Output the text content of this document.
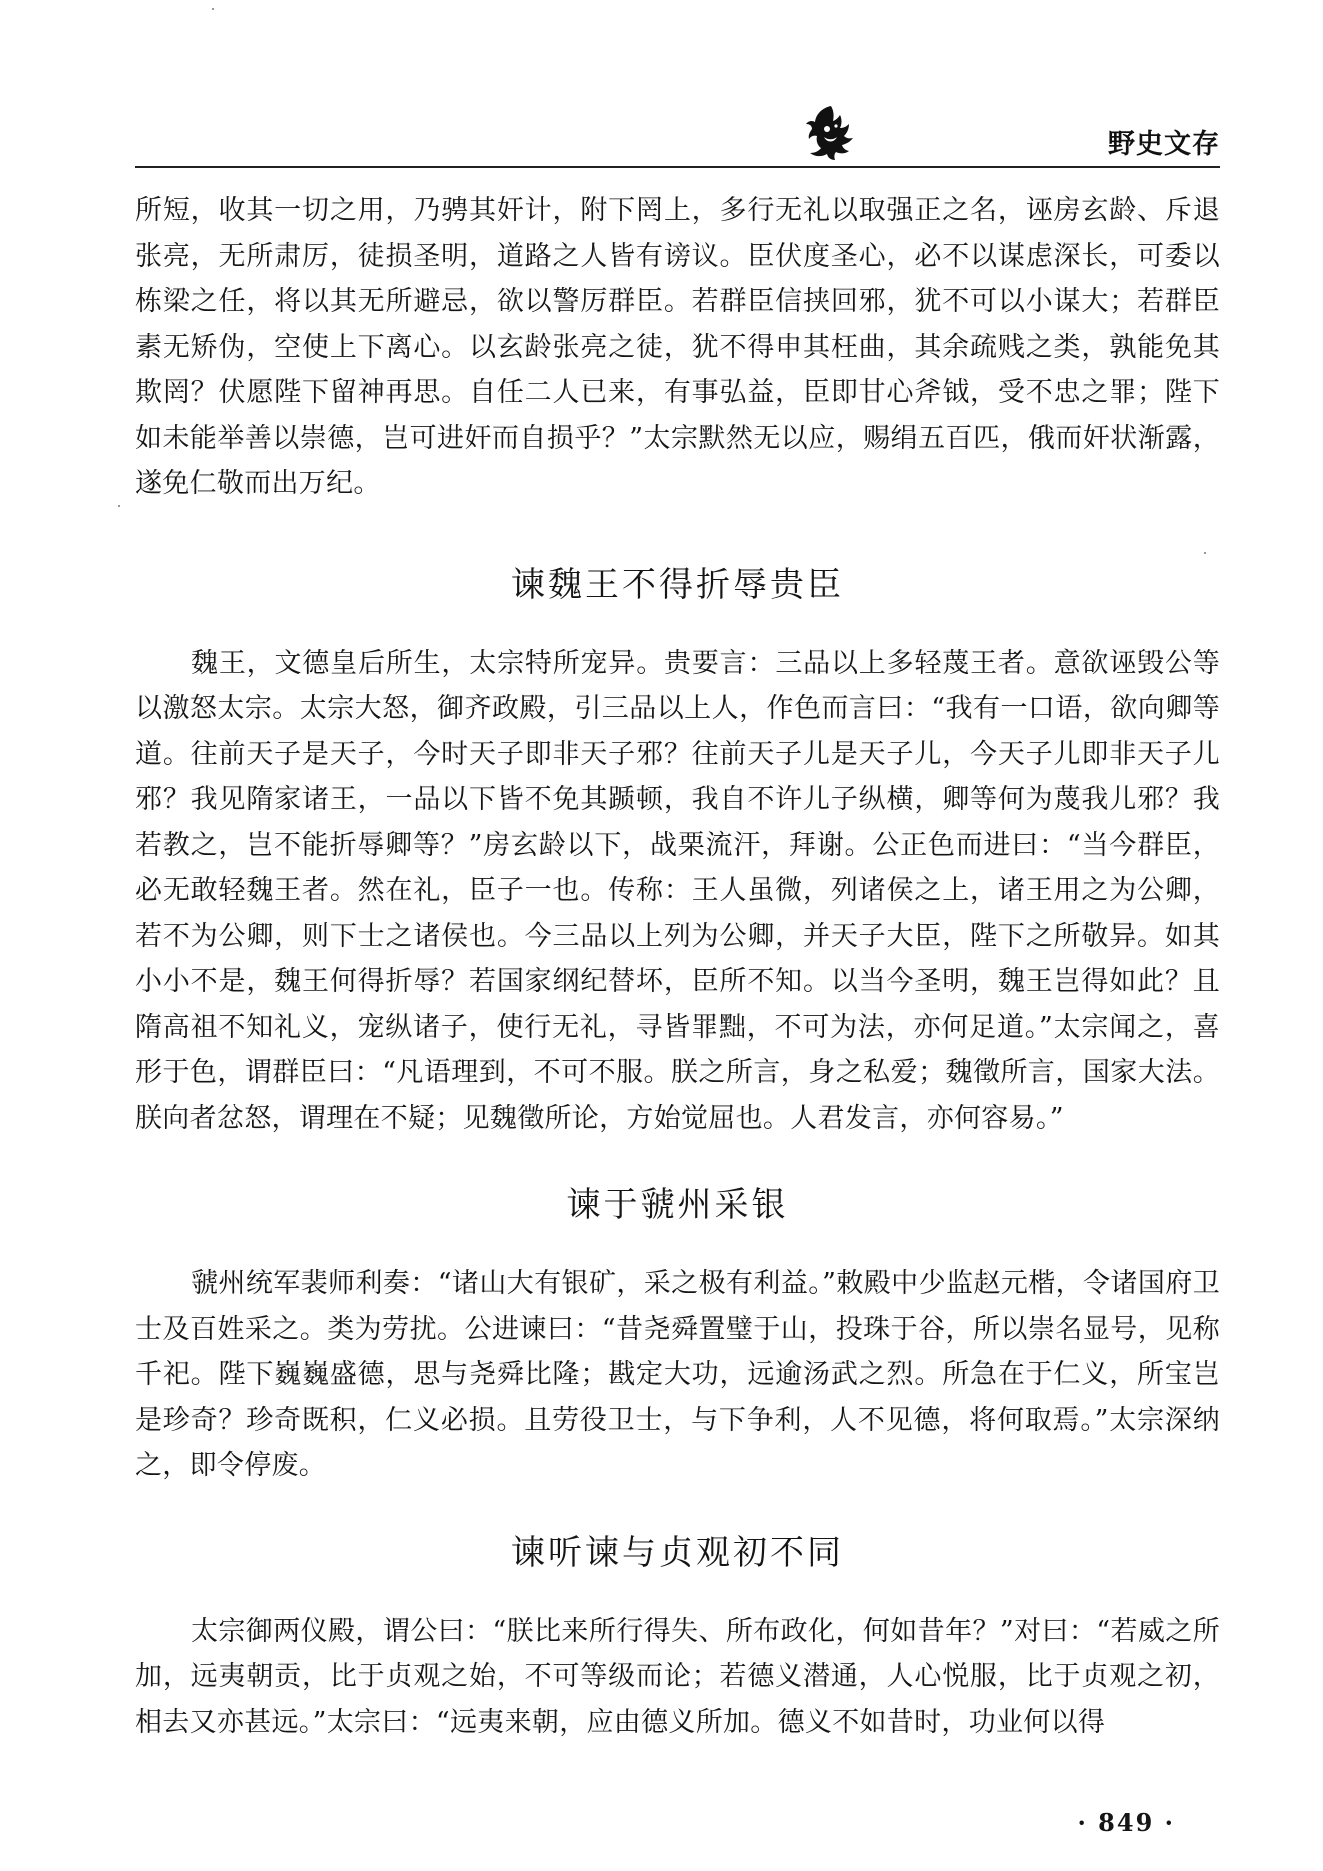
野史文存

所短，收其一切之用，乃骋其奸计，附下罔上，多行无礼以取强正之名，诬房玄龄、斥退张亮，无所肃厉，徒损圣明，道路之人皆有谤议。臣伏度圣心，必不以谋虑深长，可委以栋梁之任，将以其无所避忌，欲以警厉群臣。若群臣信挟回邪，犹不可以小谋大；若群臣素无矫伪，空使上下离心。以玄龄张亮之徒，犹不得申其枉曲，其余疏贱之类，孰能免其欺罔？伏愿陛下留神再思。自任二人已来，有事弘益，臣即甘心斧钺，受不忠之罪；陛下如未能举善以崇德，岂可进奸而自损乎？”太宗默然无以应，赐绢五百匹，俄而奸状渐露，遂免仁敬而出万纪。

谏魏王不得折辱贵臣

魏王，文德皇后所生，太宗特所宠异。贵要言：三品以上多轻蔑王者。意欲诬毁公等以激怒太宗。太宗大怒，御齐政殿，引三品以上人，作色而言曰：“我有一口语，欲向卿等道。往前天子是天子，今时天子即非天子邪？往前天子儿是天子儿，今天子儿即非天子儿邪？我见隋家诸王，一品以下皆不免其踬顿，我自不许儿子纵横，卿等何为蔑我儿邪？我若教之，岂不能折辱卿等？”房玄龄以下，战栗流汗，拜谢。公正色而进曰：“当今群臣，必无敢轻魏王者。然在礼，臣子一也。传称：王人虽微，列诸侯之上，诸王用之为公卿，若不为公卿，则下士之诸侯也。今三品以上列为公卿，并天子大臣，陛下之所敬异。如其小小不是，魏王何得折辱？若国家纲纪替坏，臣所不知。以当今圣明，魏王岂得如此？且隋高祖不知礼义，宠纵诸子，使行无礼，寻皆罪黜，不可为法，亦何足道。”太宗闻之，喜形于色，谓群臣曰：“凡语理到，不可不服。朕之所言，身之私爱；魏徵所言，国家大法。朕向者忿怒，谓理在不疑；见魏徵所论，方始觉屈也。人君发言，亦何容易。”

谏于虢州采银

虢州统军裴师利奏：“诸山大有银矿，采之极有利益。”敕殿中少监赵元楷，令诸国府卫士及百姓采之。类为劳扰。公进谏曰：“昔尧舜置璧于山，投珠于谷，所以崇名显号，见称千祀。陛下巍巍盛德，思与尧舜比隆；戡定大功，远逾汤武之烈。所急在于仁义，所宝岂是珍奇？珍奇既积，仁义必损。且劳役卫士，与下争利，人不见德，将何取焉。”太宗深纳之，即令停废。

谏听谏与贞观初不同

太宗御两仪殿，谓公曰：“朕比来所行得失、所布政化，何如昔年？”对曰：“若威之所加，远夷朝贡，比于贞观之始，不可等级而论；若德义潜通，人心悦服，比于贞观之初，相去又亦甚远。”太宗曰：“远夷来朝，应由德义所加。德义不如昔时，功业何以得

· 849 ·
